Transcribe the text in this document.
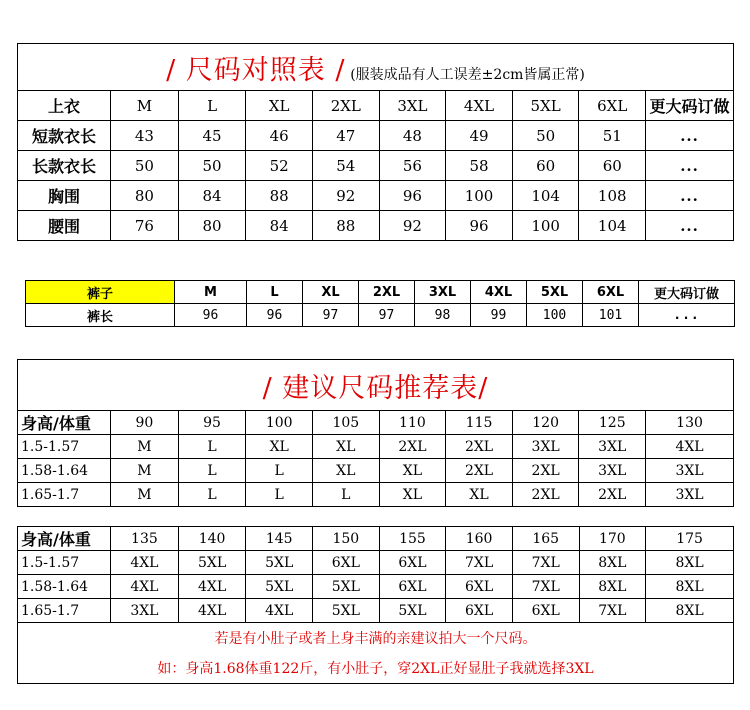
/ 尺码对照表 / (服装成品有人工误差±2cm皆属正常)									
上衣	M	L	XL	2XL	3XL	4XL	5XL	6XL	更大码订做
短款衣长	43	45	46	47	48	49	50	51	...
长款衣长	50	50	52	54	56	58	60	60	...
胸围	80	84	88	92	96	100	104	108	...
腰围	76	80	84	88	92	96	100	104	...
裤子	M	L	XL	2XL	3XL	4XL	5XL	6XL	更大码订做
裤长	96	96	97	97	98	99	100	101	...
/ 建议尺码推荐表/									
身高/体重	90	95	100	105	110	115	120	125	130
1.5-1.57	M	L	XL	XL	2XL	2XL	3XL	3XL	4XL
1.58-1.64	M	L	L	XL	XL	2XL	2XL	3XL	3XL
1.65-1.7	M	L	L	L	XL	XL	2XL	2XL	3XL
身高/体重	135	140	145	150	155	160	165	170	175
1.5-1.57	4XL	5XL	5XL	6XL	6XL	7XL	7XL	8XL	8XL
1.58-1.64	4XL	4XL	5XL	5XL	6XL	6XL	7XL	8XL	8XL
1.65-1.7	3XL	4XL	4XL	5XL	5XL	6XL	6XL	7XL	8XL
若是有小肚子或者上身丰满的亲建议拍大一个尺码。									
如：身高1.68体重122斤，有小肚子，穿2XL正好显肚子我就选择3XL									
